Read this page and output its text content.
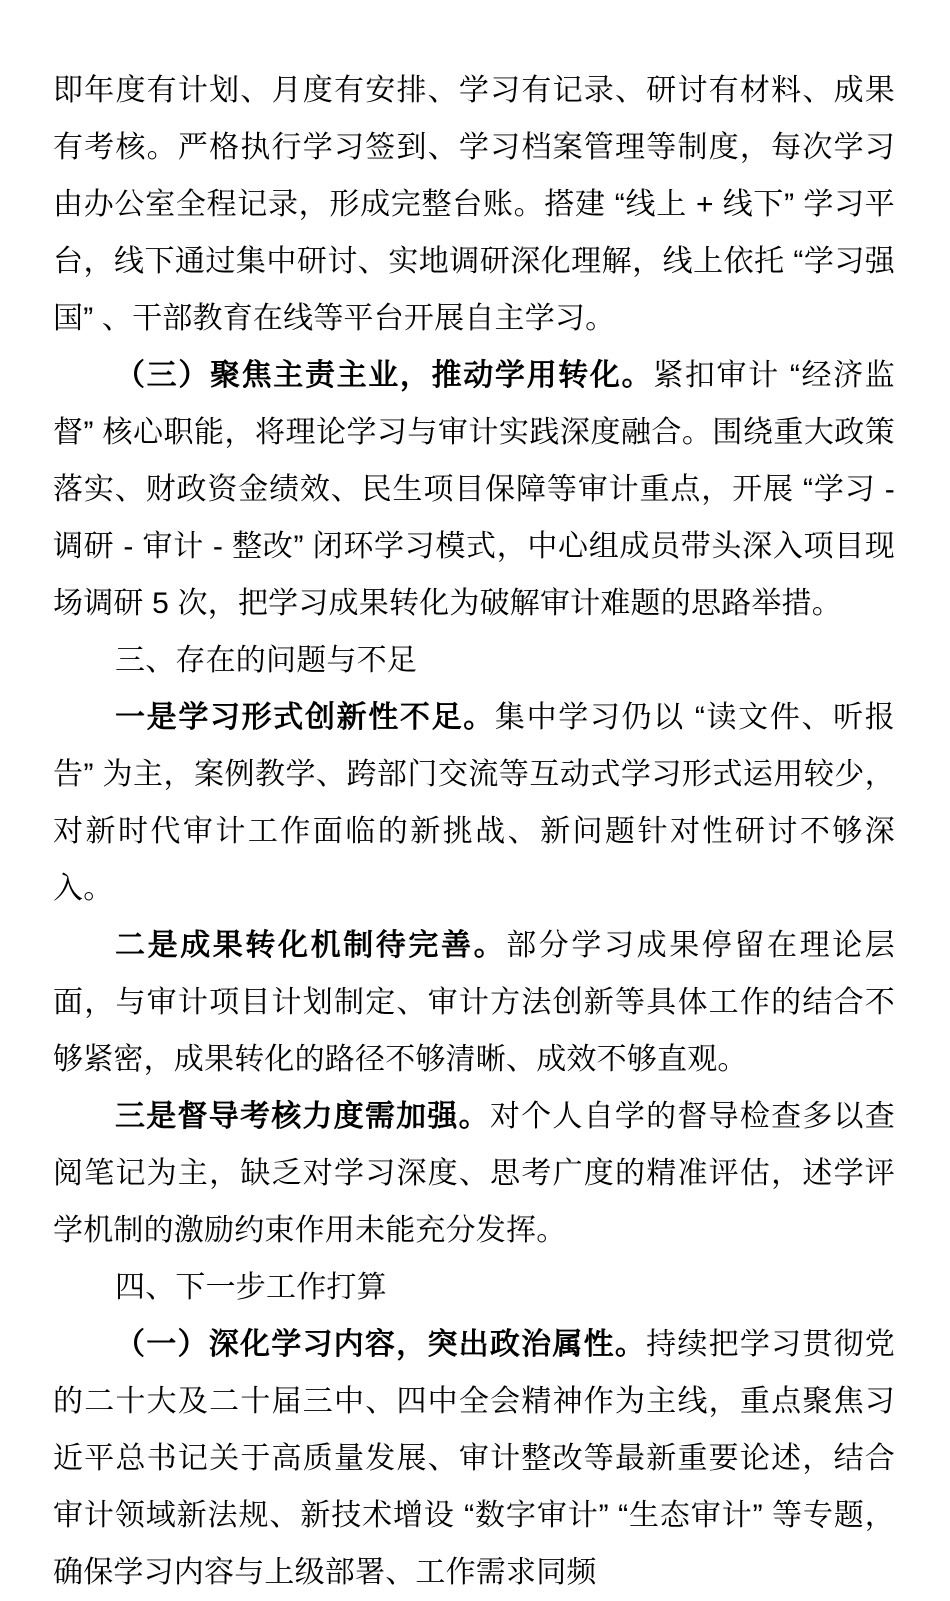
即年度有计划、月度有安排、学习有记录、研讨有材料、成果有考核。严格执行学习签到、学习档案管理等制度，每次学习由办公室全程记录，形成完整台账。搭建 “线上 + 线下” 学习平台，线下通过集中研讨、实地调研深化理解，线上依托 “学习强国” 、干部教育在线等平台开展自主学习。

（三）聚焦主责主业，推动学用转化。紧扣审计 “经济监督” 核心职能，将理论学习与审计实践深度融合。围绕重大政策落实、财政资金绩效、民生项目保障等审计重点，开展 “学习 - 调研 - 审计 - 整改” 闭环学习模式，中心组成员带头深入项目现场调研 5 次，把学习成果转化为破解审计难题的思路举措。

三、存在的问题与不足

一是学习形式创新性不足。集中学习仍以 “读文件、听报告” 为主，案例教学、跨部门交流等互动式学习形式运用较少，对新时代审计工作面临的新挑战、新问题针对性研讨不够深入。

二是成果转化机制待完善。部分学习成果停留在理论层面，与审计项目计划制定、审计方法创新等具体工作的结合不够紧密，成果转化的路径不够清晰、成效不够直观。

三是督导考核力度需加强。对个人自学的督导检查多以查阅笔记为主，缺乏对学习深度、思考广度的精准评估，述学评学机制的激励约束作用未能充分发挥。

四、下一步工作打算

（一）深化学习内容，突出政治属性。持续把学习贯彻党的二十大及二十届三中、四中全会精神作为主线，重点聚焦习近平总书记关于高质量发展、审计整改等最新重要论述，结合审计领域新法规、新技术增设 “数字审计” “生态审计” 等专题，确保学习内容与上级部署、工作需求同频
